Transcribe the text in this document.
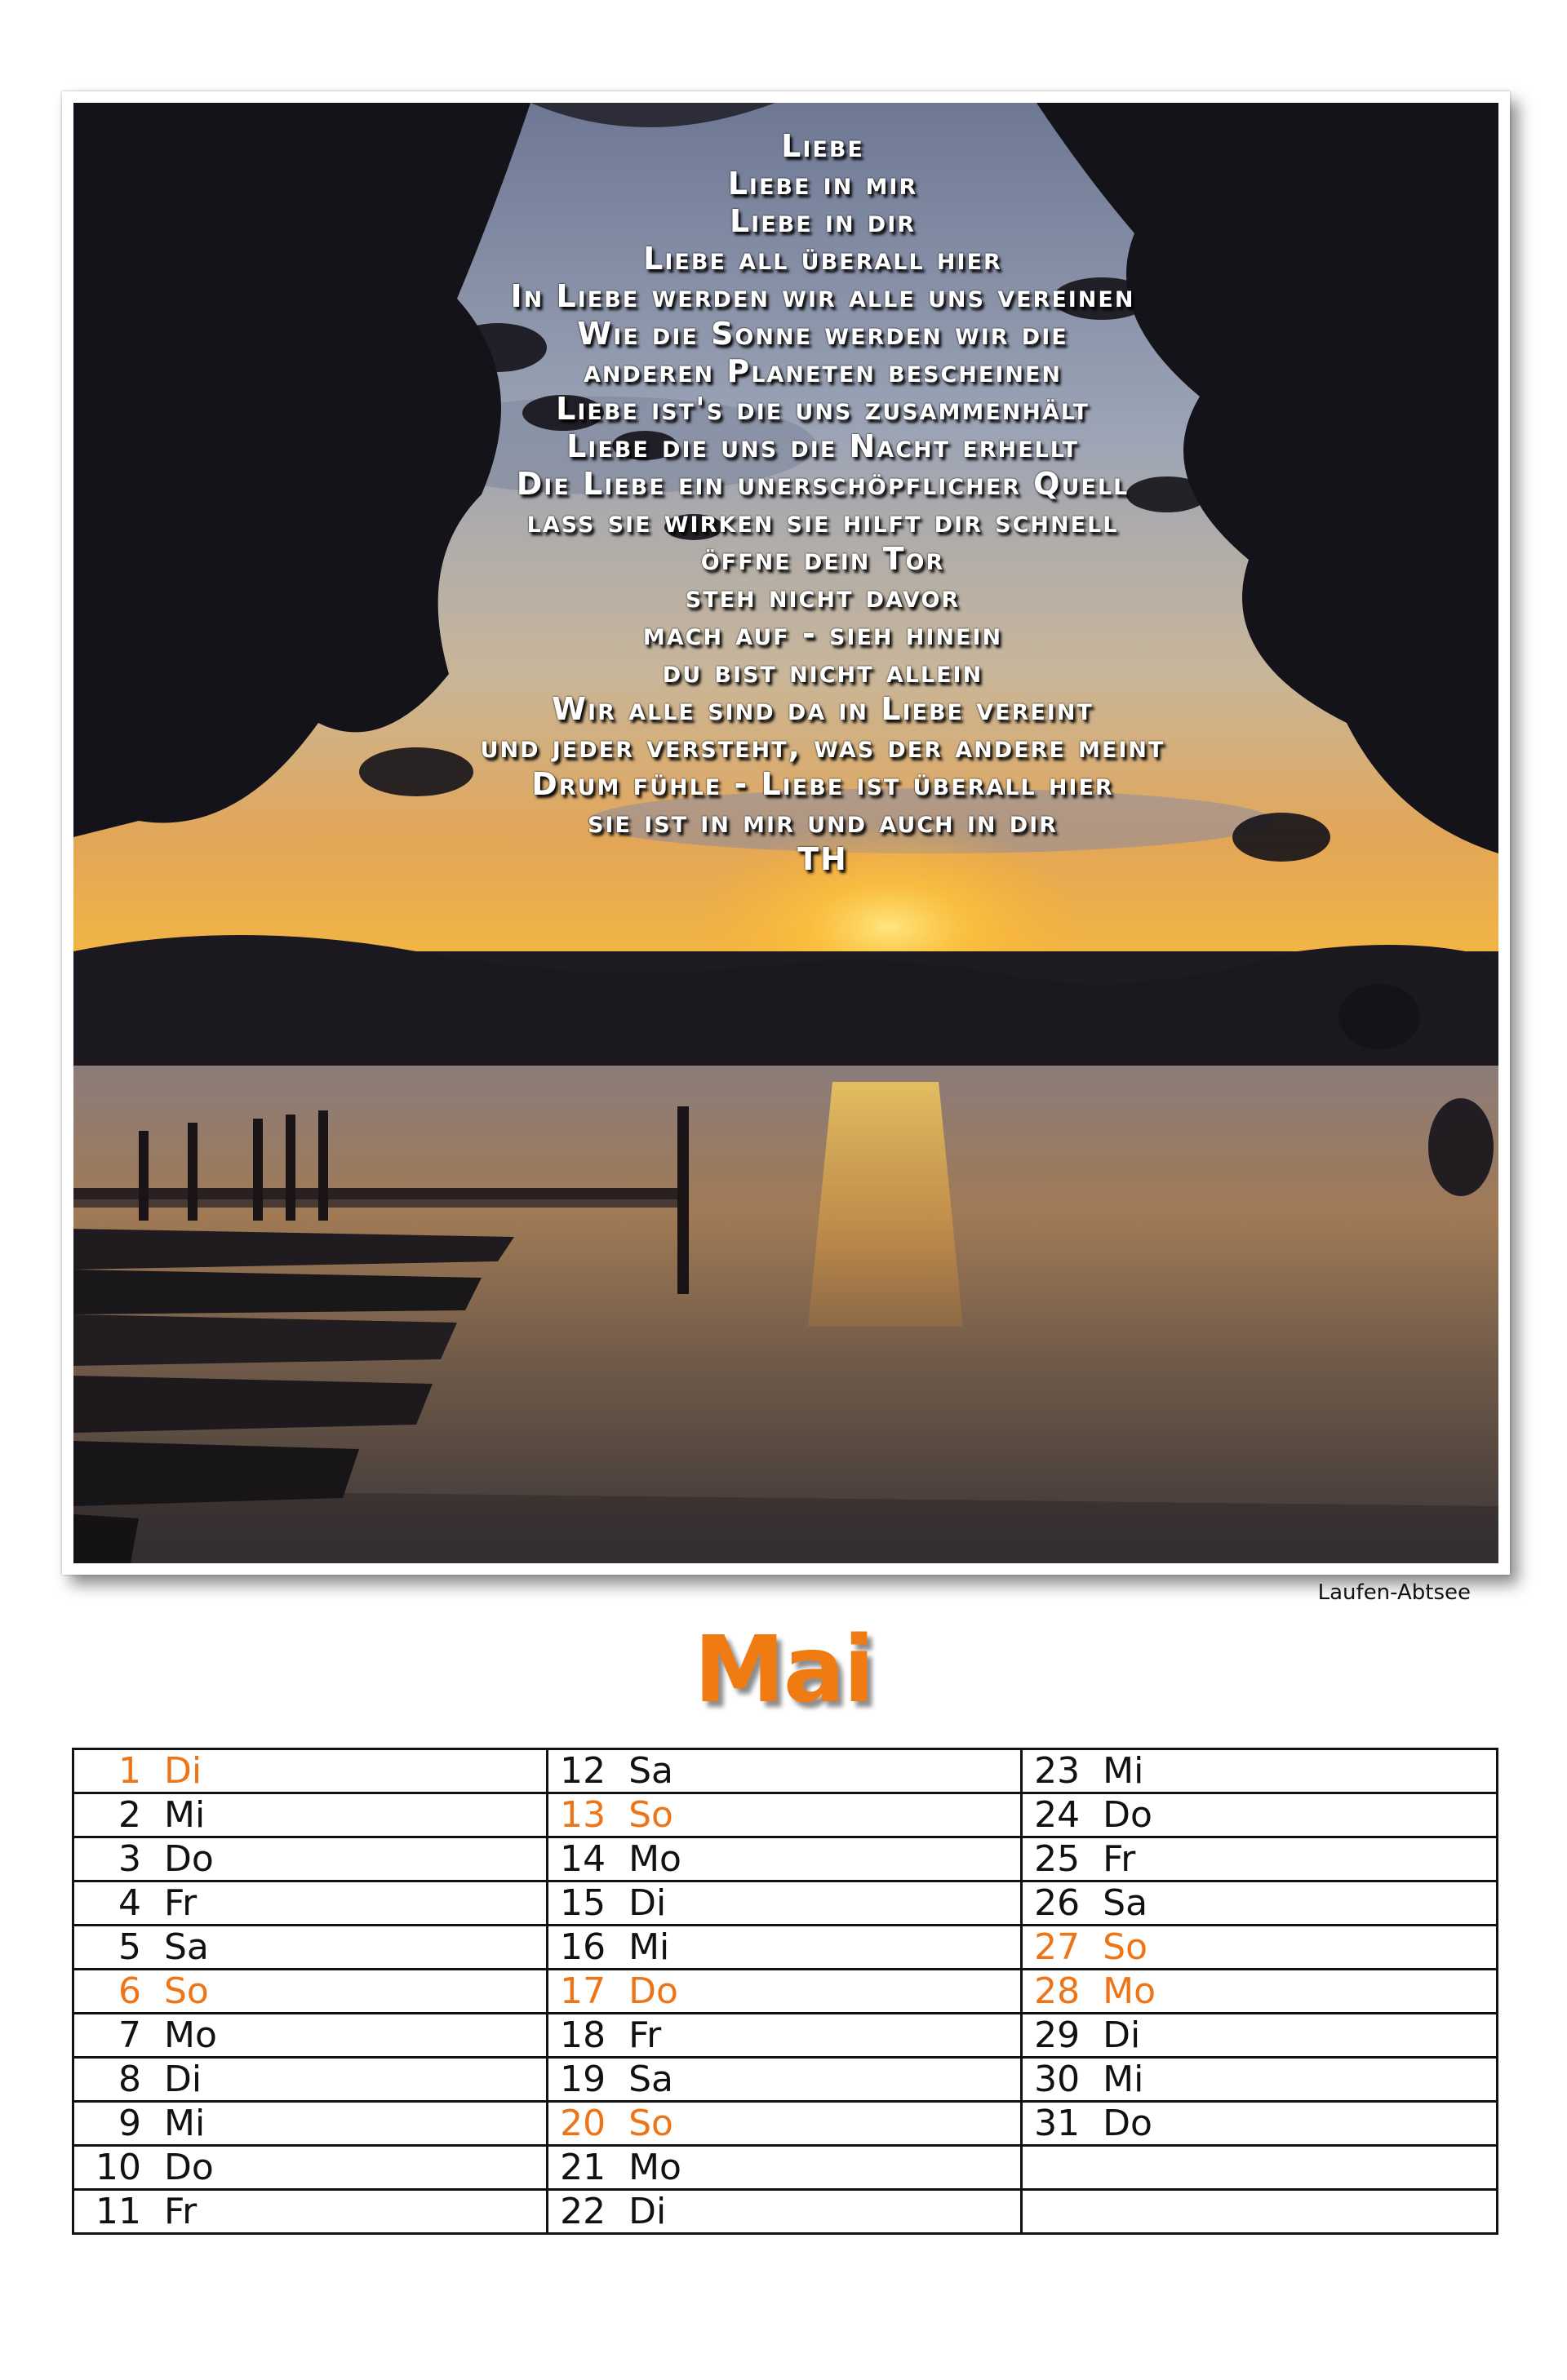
Liebe
Liebe in mir
Liebe in dir
Liebe all überall hier
In Liebe werden wir alle uns vereinen
Wie die Sonne werden wir die
anderen Planeten bescheinen
Liebe ist's die uns zusammenhält
Liebe die uns die Nacht erhellt
Die Liebe ein unerschöpflicher Quell
lass sie wirken sie hilft dir schnell
öffne dein Tor
steh nicht davor
mach auf - sieh hinein
du bist nicht allein
Wir alle sind da in Liebe vereint
und jeder versteht, was der andere meint
Drum fühle - Liebe ist überall hier
sie ist in mir und auch in dir
TH
Laufen-Abtsee
Mai
1 Di	12 Sa	23 Mi

2 Mi	13 So	24 Do

3 Do	14 Mo	25 Fr

4 Fr	15 Di	26 Sa

5 Sa	16 Mi	27 So

6 So	17 Do	28 Mo

7 Mo	18 Fr	29 Di

8 Di	19 Sa	30 Mi

9 Mi	20 So	31 Do

10 Do	21 Mo	

11 Fr	22 Di	
